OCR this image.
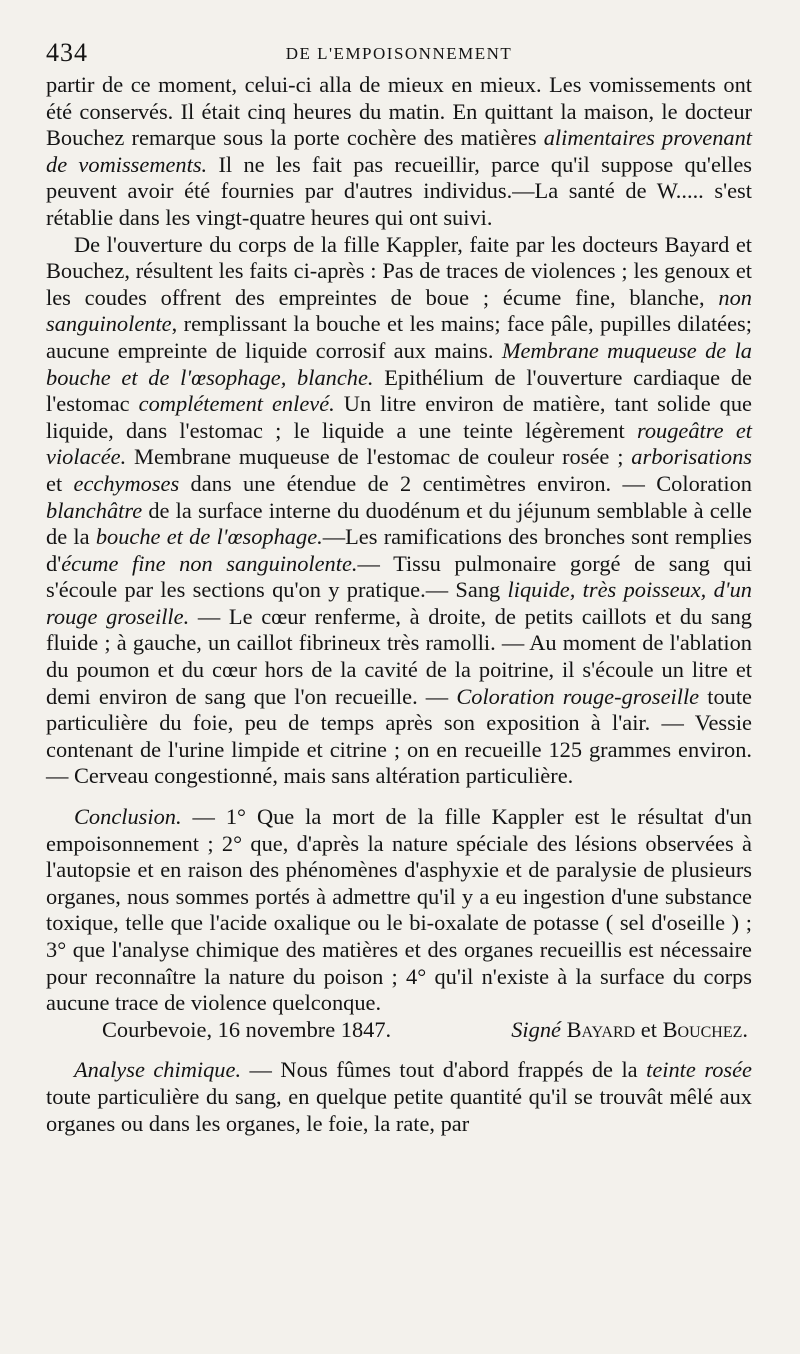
434	DE L'EMPOISONNEMENT

partir de ce moment, celui-ci alla de mieux en mieux. Les vomissements ont été conservés. Il était cinq heures du matin. En quittant la maison, le docteur Bouchez remarque sous la porte cochère des matières alimentaires provenant de vomissements. Il ne les fait pas recueillir, parce qu'il suppose qu'elles peuvent avoir été fournies par d'autres individus.—La santé de W..... s'est rétablie dans les vingt-quatre heures qui ont suivi.

De l'ouverture du corps de la fille Kappler, faite par les docteurs Bayard et Bouchez, résultent les faits ci-après : Pas de traces de violences ; les genoux et les coudes offrent des empreintes de boue ; écume fine, blanche, non sanguinolente, remplissant la bouche et les mains; face pâle, pupilles dilatées; aucune empreinte de liquide corrosif aux mains. Membrane muqueuse de la bouche et de l'œsophage, blanche. Epithélium de l'ouverture cardiaque de l'estomac complétement enlevé. Un litre environ de matière, tant solide que liquide, dans l'estomac ; le liquide a une teinte légèrement rougeâtre et violacée. Membrane muqueuse de l'estomac de couleur rosée ; arborisations et ecchymoses dans une étendue de 2 centimètres environ. — Coloration blanchâtre de la surface interne du duodénum et du jéjunum semblable à celle de la bouche et de l'œsophage.—Les ramifications des bronches sont remplies d'écume fine non sanguinolente.— Tissu pulmonaire gorgé de sang qui s'écoule par les sections qu'on y pratique.— Sang liquide, très poisseux, d'un rouge groseille. — Le cœur renferme, à droite, de petits caillots et du sang fluide ; à gauche, un caillot fibrineux très ramolli. — Au moment de l'ablation du poumon et du cœur hors de la cavité de la poitrine, il s'écoule un litre et demi environ de sang que l'on recueille. — Coloration rouge-groseille toute particulière du foie, peu de temps après son exposition à l'air. — Vessie contenant de l'urine limpide et citrine ; on en recueille 125 grammes environ. — Cerveau congestionné, mais sans altération particulière.

Conclusion. — 1° Que la mort de la fille Kappler est le résultat d'un empoisonnement ; 2° que, d'après la nature spéciale des lésions observées à l'autopsie et en raison des phénomènes d'asphyxie et de paralysie de plusieurs organes, nous sommes portés à admettre qu'il y a eu ingestion d'une substance toxique, telle que l'acide oxalique ou le bi-oxalate de potasse ( sel d'oseille ) ; 3° que l'analyse chimique des matières et des organes recueillis est nécessaire pour reconnaître la nature du poison ; 4° qu'il n'existe à la surface du corps aucune trace de violence quelconque.

Courbevoie, 16 novembre 1847.	Signé Bayard et Bouchez.

Analyse chimique. — Nous fûmes tout d'abord frappés de la teinte rosée toute particulière du sang, en quelque petite quantité qu'il se trouvât mêlé aux organes ou dans les organes, le foie, la rate, par
